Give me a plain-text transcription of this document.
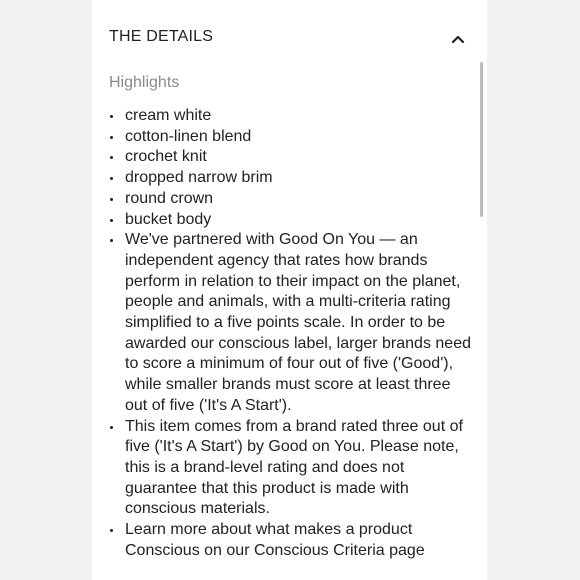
THE DETAILS
Highlights
cream white
cotton-linen blend
crochet knit
dropped narrow brim
round crown
bucket body
We've partnered with Good On You — an independent agency that rates how brands perform in relation to their impact on the planet, people and animals, with a multi-criteria rating simplified to a five points scale. In order to be awarded our conscious label, larger brands need to score a minimum of four out of five ('Good'), while smaller brands must score at least three out of five ('It's A Start').
This item comes from a brand rated three out of five ('It's A Start') by Good on You. Please note, this is a brand-level rating and does not guarantee that this product is made with conscious materials.
Learn more about what makes a product Conscious on our Conscious Criteria page
